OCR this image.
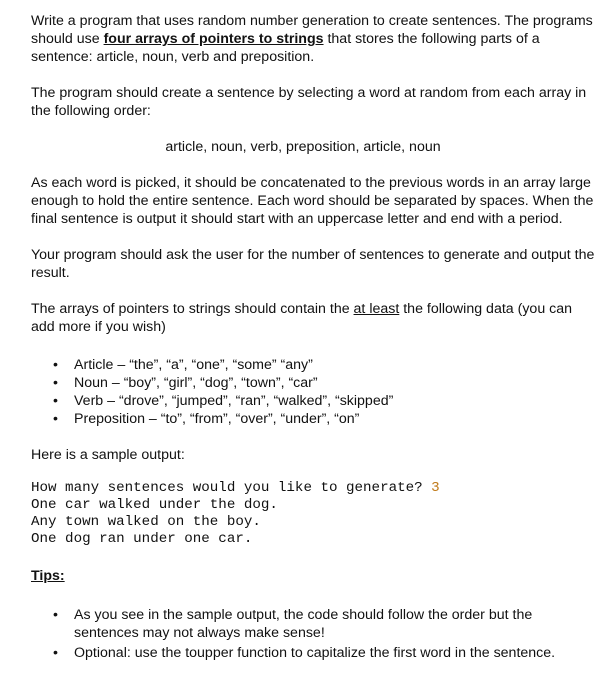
Write a program that uses random number generation to create sentences. The programs should use four arrays of pointers to strings that stores the following parts of a sentence: article, noun, verb and preposition.

The program should create a sentence by selecting a word at random from each array in the following order:

article, noun, verb, preposition, article, noun

As each word is picked, it should be concatenated to the previous words in an array large enough to hold the entire sentence. Each word should be separated by spaces. When the final sentence is output it should start with an uppercase letter and end with a period.

Your program should ask the user for the number of sentences to generate and output the result.

The arrays of pointers to strings should contain the at least the following data (you can add more if you wish)

• Article – “the”, “a”, “one”, “some” “any”
• Noun – “boy”, “girl”, “dog”, “town”, “car”
• Verb – “drove”, “jumped”, “ran”, “walked”, “skipped”
• Preposition – “to”, “from”, “over”, “under”, “on”

Here is a sample output:

How many sentences would you like to generate? 3
One car walked under the dog.
Any town walked on the boy.
One dog ran under one car.

Tips:

• As you see in the sample output, the code should follow the order but the sentences may not always make sense!
• Optional: use the toupper function to capitalize the first word in the sentence.
